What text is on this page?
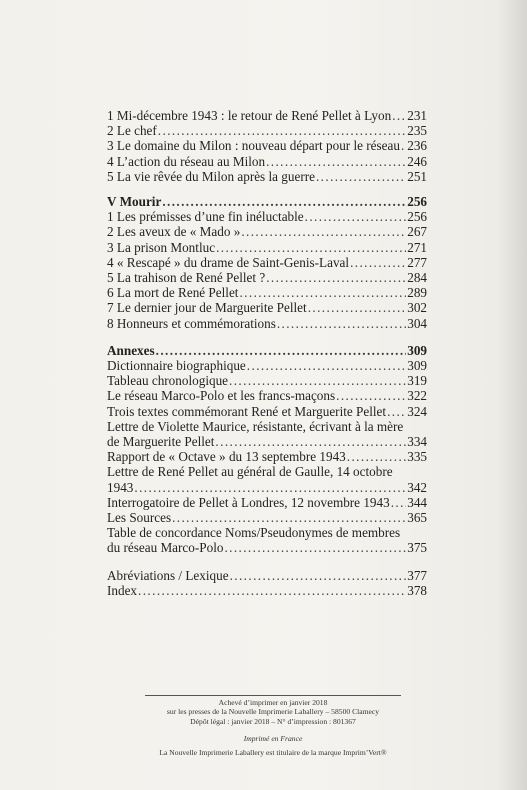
1 Mi-décembre 1943 : le retour de René Pellet à Lyon ..... 231
2 Le chef .....	235
3 Le domaine du Milon : nouveau départ pour le réseau ..... 236
4 L’action du réseau au Milon .....	246
5 La vie rêvée du Milon après la guerre .....	251
V Mourir .....	256
1 Les prémisses d’une fin inéluctable .....	256
2 Les aveux de « Mado » .....	267
3 La prison Montluc .....	271
4 « Rescapé » du drame de Saint-Genis-Laval .....	277
5 La trahison de René Pellet ? .....	284
6 La mort de René Pellet .....	289
7 Le dernier jour de Marguerite Pellet .....	302
8 Honneurs et commémorations .....	304
Annexes .....	309
Dictionnaire biographique .....	309
Tableau chronologique .....	319
Le réseau Marco-Polo et les francs-maçons .....	322
Trois textes commémorant René et Marguerite Pellet ..... 324
Lettre de Violette Maurice, résistante, écrivant à la mère
de Marguerite Pellet .....	334
Rapport de « Octave » du 13 septembre 1943 .....	335
Lettre de René Pellet au général de Gaulle, 14 octobre
1943 .....	342
Interrogatoire de Pellet à Londres, 12 novembre 1943 ..... 344
Les Sources .....	365
Table de concordance Noms/Pseudonymes de membres
du réseau Marco-Polo .....	375
Abréviations / Lexique .....	377
Index .....	378
Achevé d’imprimer en janvier 2018
sur les presses de la Nouvelle Imprimerie Laballery – 58500 Clamecy
Dépôt légal : janvier 2018 – N° d’impression : 801367
Imprimé en France
La Nouvelle Imprimerie Laballery est titulaire de la marque Imprim’Vert®
